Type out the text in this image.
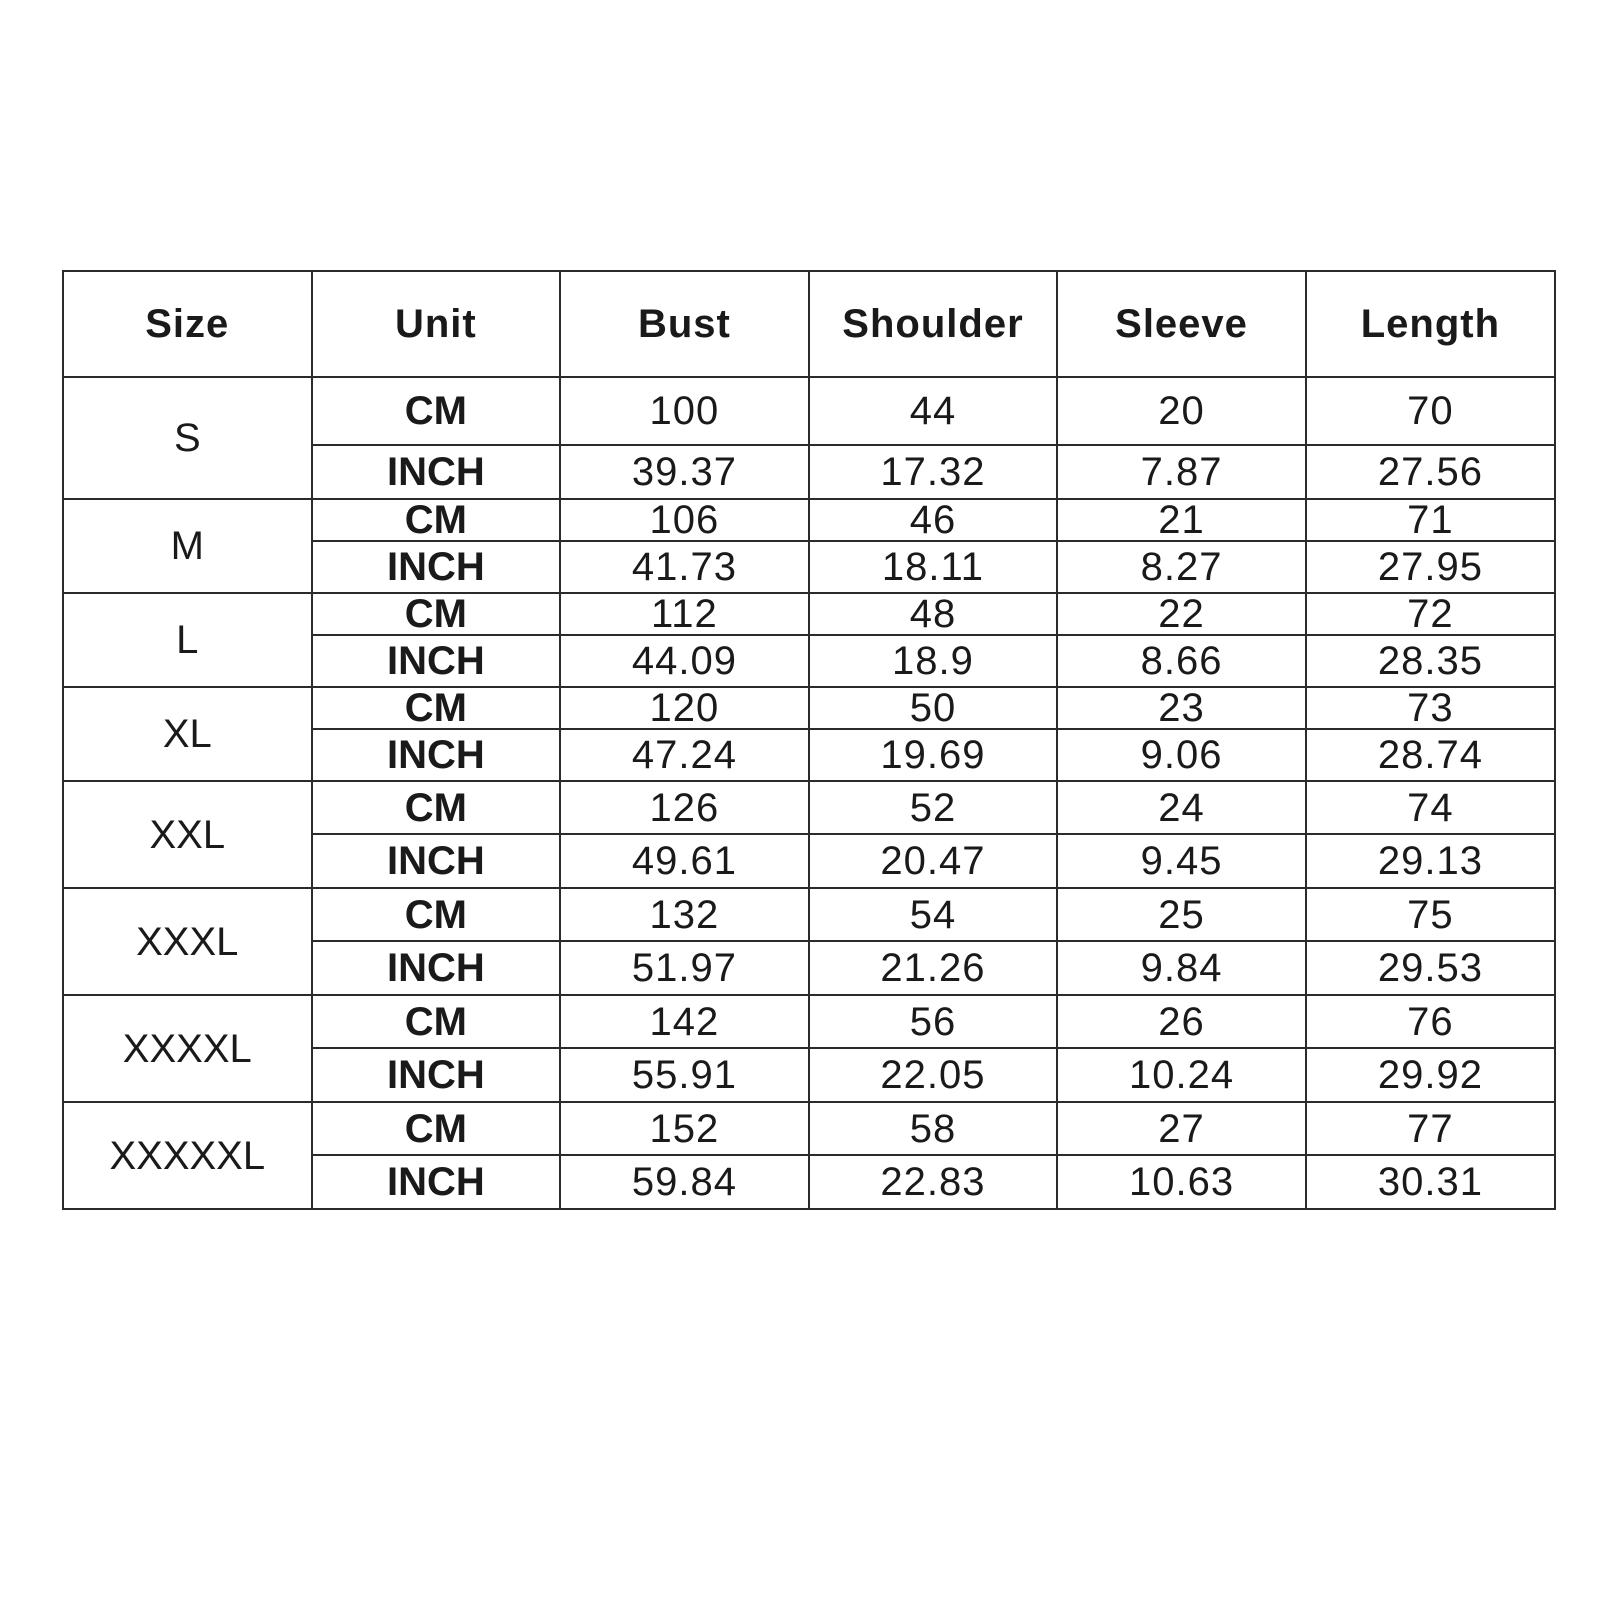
Size	Unit	Bust	Shoulder	Sleeve	Length
S	CM	100	44	20	70
	INCH	39.37	17.32	7.87	27.56
M	CM	106	46	21	71
	INCH	41.73	18.11	8.27	27.95
L	CM	112	48	22	72
	INCH	44.09	18.9	8.66	28.35
XL	CM	120	50	23	73
	INCH	47.24	19.69	9.06	28.74
XXL	CM	126	52	24	74
	INCH	49.61	20.47	9.45	29.13
XXXL	CM	132	54	25	75
	INCH	51.97	21.26	9.84	29.53
XXXXL	CM	142	56	26	76
	INCH	55.91	22.05	10.24	29.92
XXXXXL	CM	152	58	27	77
	INCH	59.84	22.83	10.63	30.31
